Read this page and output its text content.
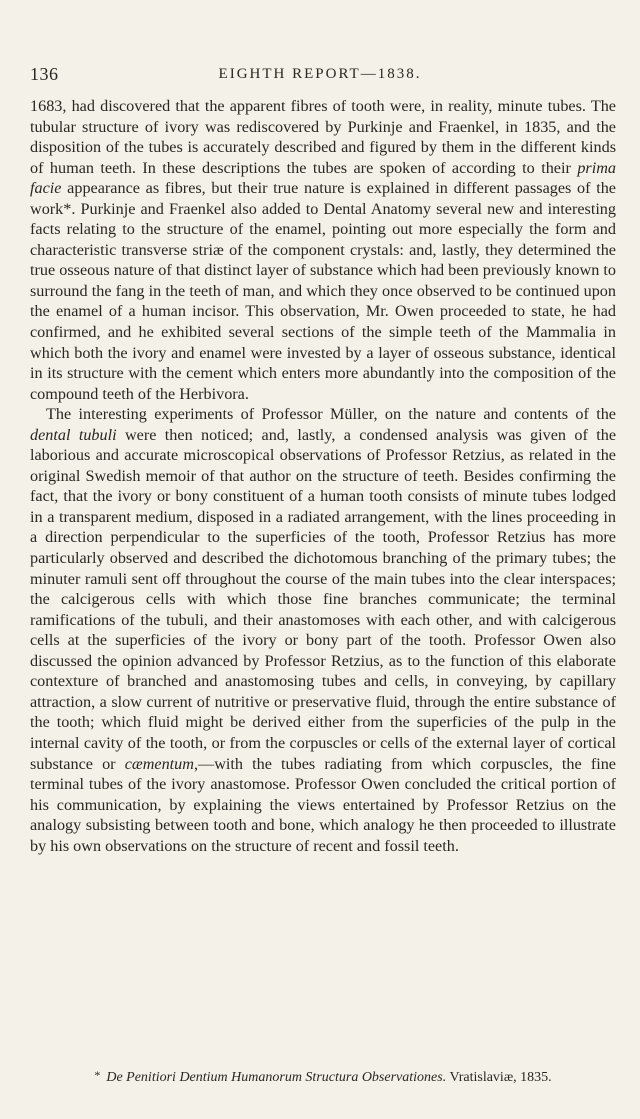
136	EIGHTH REPORT—1838.

1683, had discovered that the apparent fibres of tooth were, in reality, minute tubes. The tubular structure of ivory was rediscovered by Purkinje and Fraenkel, in 1835, and the disposition of the tubes is accurately described and figured by them in the different kinds of human teeth. In these descriptions the tubes are spoken of according to their prima facie appearance as fibres, but their true nature is explained in different passages of the work*. Purkinje and Fraenkel also added to Dental Anatomy several new and interesting facts relating to the structure of the enamel, pointing out more especially the form and characteristic transverse striæ of the component crystals: and, lastly, they determined the true osseous nature of that distinct layer of substance which had been previously known to surround the fang in the teeth of man, and which they once observed to be continued upon the enamel of a human incisor. This observation, Mr. Owen proceeded to state, he had confirmed, and he exhibited several sections of the simple teeth of the Mammalia in which both the ivory and enamel were invested by a layer of osseous substance, identical in its structure with the cement which enters more abundantly into the composition of the compound teeth of the Herbivora.

The interesting experiments of Professor Müller, on the nature and contents of the dental tubuli were then noticed; and, lastly, a condensed analysis was given of the laborious and accurate microscopical observations of Professor Retzius, as related in the original Swedish memoir of that author on the structure of teeth. Besides confirming the fact, that the ivory or bony constituent of a human tooth consists of minute tubes lodged in a transparent medium, disposed in a radiated arrangement, with the lines proceeding in a direction perpendicular to the superficies of the tooth, Professor Retzius has more particularly observed and described the dichotomous branching of the primary tubes; the minuter ramuli sent off throughout the course of the main tubes into the clear interspaces; the calcigerous cells with which those fine branches communicate; the terminal ramifications of the tubuli, and their anastomoses with each other, and with calcigerous cells at the superficies of the ivory or bony part of the tooth. Professor Owen also discussed the opinion advanced by Professor Retzius, as to the function of this elaborate contexture of branched and anastomosing tubes and cells, in conveying, by capillary attraction, a slow current of nutritive or preservative fluid, through the entire substance of the tooth; which fluid might be derived either from the superficies of the pulp in the internal cavity of the tooth, or from the corpuscles or cells of the external layer of cortical substance or cæmentum,—with the tubes radiating from which corpuscles, the fine terminal tubes of the ivory anastomose. Professor Owen concluded the critical portion of his communication, by explaining the views entertained by Professor Retzius on the analogy subsisting between tooth and bone, which analogy he then proceeded to illustrate by his own observations on the structure of recent and fossil teeth.

* De Penitiori Dentium Humanorum Structura Observationes. Vratislaviæ, 1835.
